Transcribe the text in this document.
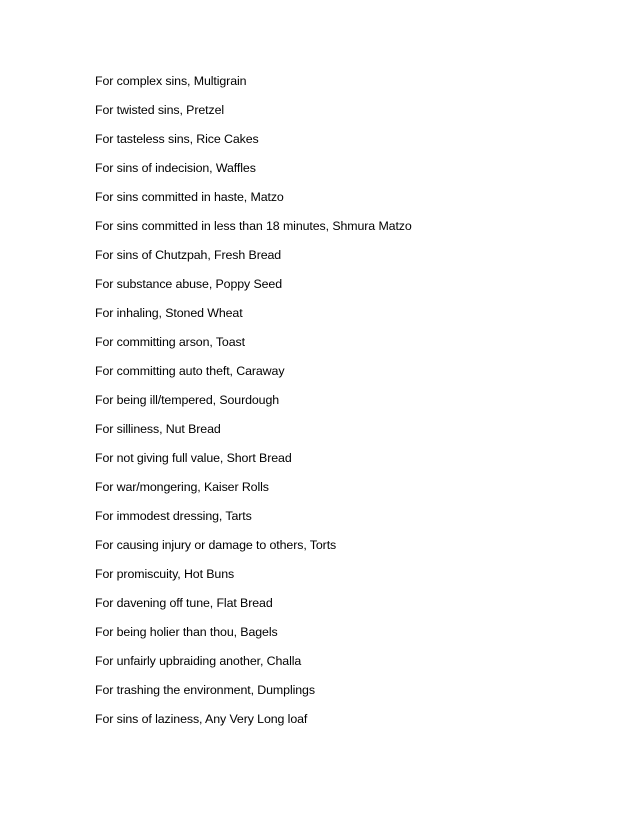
For complex sins, Multigrain
For twisted sins, Pretzel
For tasteless sins, Rice Cakes
For sins of indecision, Waffles
For sins committed in haste, Matzo
For sins committed in less than 18 minutes, Shmura Matzo
For sins of Chutzpah, Fresh Bread
For substance abuse, Poppy Seed
For inhaling, Stoned Wheat
For committing arson, Toast
For committing auto theft, Caraway
For being ill/tempered, Sourdough
For silliness, Nut Bread
For not giving full value, Short Bread
For war/mongering, Kaiser Rolls
For immodest dressing, Tarts
For causing injury or damage to others, Torts
For promiscuity, Hot Buns
For davening off tune, Flat Bread
For being holier than thou, Bagels
For unfairly upbraiding another, Challa
For trashing the environment, Dumplings
For sins of laziness, Any Very Long loaf
